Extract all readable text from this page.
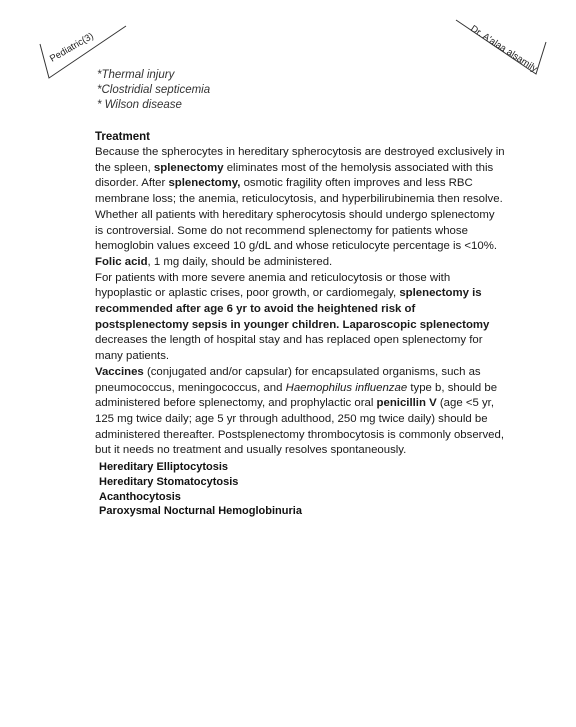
Pediatric(3)	Dr. A'alaa alsamily
*Thermal injury
*Clostridial septicemia
* Wilson disease
Treatment

Because the spherocytes in hereditary spherocytosis are destroyed exclusively in the spleen, splenectomy eliminates most of the hemolysis associated with this disorder. After splenectomy, osmotic fragility often improves and less RBC membrane loss; the anemia, reticulocytosis, and hyperbilirubinemia then resolve. Whether all patients with hereditary spherocytosis should undergo splenectomy is controversial. Some do not recommend splenectomy for patients whose hemoglobin values exceed 10 g/dL and whose reticulocyte percentage is <10%.

Folic acid, 1 mg daily, should be administered.

For patients with more severe anemia and reticulocytosis or those with hypoplastic or aplastic crises, poor growth, or cardiomegaly, splenectomy is recommended after age 6 yr to avoid the heightened risk of postsplenectomy sepsis in younger children. Laparoscopic splenectomy decreases the length of hospital stay and has replaced open splenectomy for many patients.

Vaccines (conjugated and/or capsular) for encapsulated organisms, such as pneumococcus, meningococcus, and Haemophilus influenzae type b, should be administered before splenectomy, and prophylactic oral penicillin V (age <5 yr, 125 mg twice daily; age 5 yr through adulthood, 250 mg twice daily) should be administered thereafter. Postsplenectomy thrombocytosis is commonly observed, but it needs no treatment and usually resolves spontaneously.

Hereditary Elliptocytosis
Hereditary Stomatocytosis
Acanthocytosis
Paroxysmal Nocturnal Hemoglobinuria
